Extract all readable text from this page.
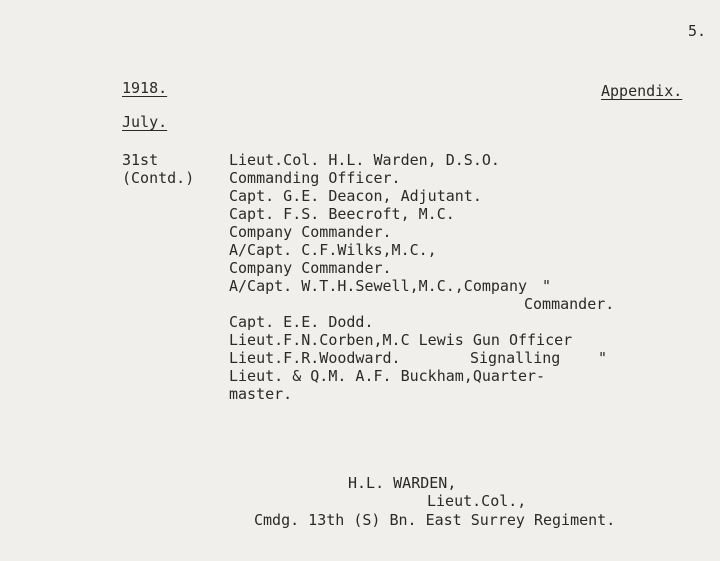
5.
1918.	Appendix.
July.
31st
(Contd.)
Lieut.Col. H.L. Warden, D.S.O.
Commanding Officer.
Capt. G.E. Deacon, Adjutant.
Capt. F.S. Beecroft, M.C.
Company Commander.
A/Capt. C.F.Wilks,M.C.,
Company Commander.
A/Capt. W.T.H.Sewell,M.C.,Company "
Commander.
Capt. E.E. Dodd.
Lieut.F.N.Corben,M.C Lewis Gun Officer
Lieut.F.R.Woodward.	Signalling	"
Lieut. & Q.M. A.F. Buckham,Quarter-
master.
H.L. WARDEN,
Lieut.Col.,
Cmdg. 13th (S) Bn. East Surrey Regiment.
